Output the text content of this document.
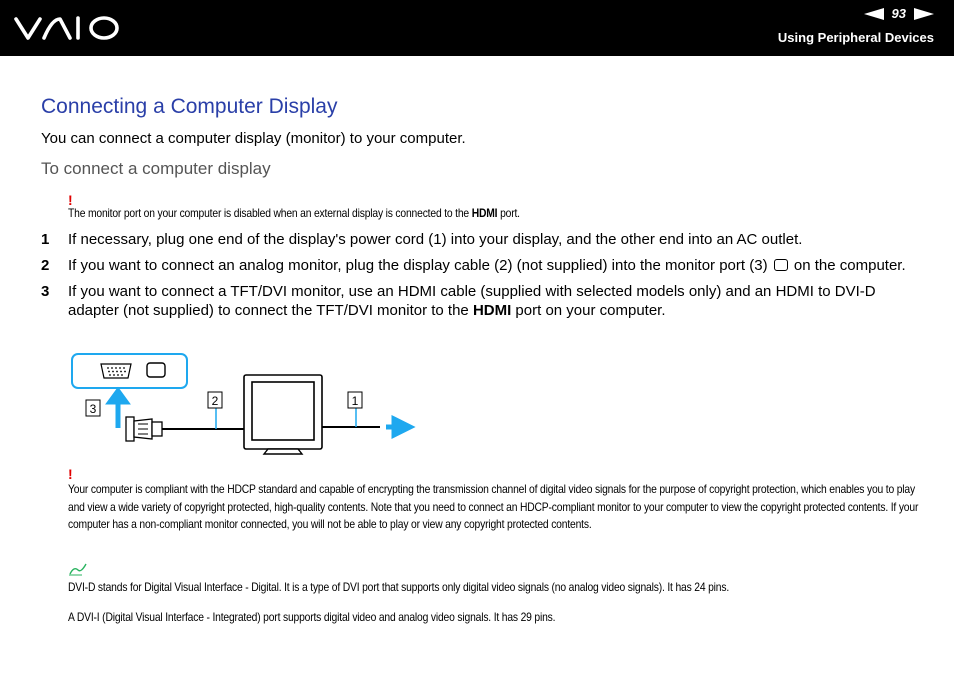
93
Using Peripheral Devices
Connecting a Computer Display
You can connect a computer display (monitor) to your computer.
To connect a computer display
!
The monitor port on your computer is disabled when an external display is connected to the HDMI port.
1	If necessary, plug one end of the display's power cord (1) into your display, and the other end into an AC outlet.
2	If you want to connect an analog monitor, plug the display cable (2) (not supplied) into the monitor port (3)  on the computer.
3	If you want to connect a TFT/DVI monitor, use an HDMI cable (supplied with selected models only) and an HDMI to DVI-D adapter (not supplied) to connect the TFT/DVI monitor to the HDMI port on your computer.
3
2	1
!
Your computer is compliant with the HDCP standard and capable of encrypting the transmission channel of digital video signals for the purpose of copyright protection, which enables you to play and view a wide variety of copyright protected, high-quality contents. Note that you need to connect an HDCP-compliant monitor to your computer to view the copyright protected contents. If your computer has a non-compliant monitor connected, you will not be able to play or view any copyright protected contents.
DVI-D stands for Digital Visual Interface - Digital. It is a type of DVI port that supports only digital video signals (no analog video signals). It has 24 pins.
A DVI-I (Digital Visual Interface - Integrated) port supports digital video and analog video signals. It has 29 pins.
